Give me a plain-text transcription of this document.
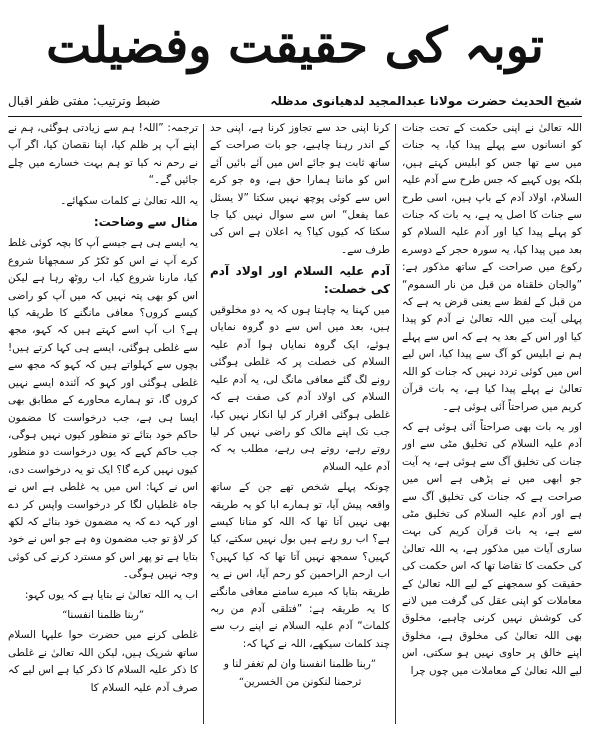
توبہ کی حقیقت وفضیلت
شیخ الحدیث حضرت مولانا عبدالمجید لدھیانوی مدظلہ
ضبط وترتیب: مفتی ظفر اقبال

اللہ تعالیٰ نے اپنی حکمت کے تحت جنات کو انسانوں سے پہلے پیدا کیا، یہ جنات میں سے تھا جس کو ابلیس کہتے ہیں، بلکہ یوں کہیے کہ جس طرح سے آدم علیہ السلام، اولاد آدم کے باپ ہیں، اسی طرح سے جنات کا اصل یہ ہے، یہ بات کہ جنات کو پہلے پیدا کیا اور آدم علیہ السلام کو بعد میں پیدا کیا، یہ سورہ حجر کے دوسرے رکوع میں صراحت کے ساتھ مذکور ہے: ”والجان خلقناہ من قبل من نار السموم“ من قبل کے لفظ سے یعنی قرض یہ ہے کہ پہلی آیت میں اللہ تعالیٰ نے آدم کو پیدا کیا اور اس کے بعد یہ ہے کہ اس سے پہلے ہم نے ابلیس کو آگ سے پیدا کیا، اس لیے اس میں کوئی تردد نہیں کہ جنات کو اللہ تعالیٰ نے پہلے پیدا کیا ہے، یہ بات قرآن کریم میں صراحتاً آئی ہوئی ہے۔

اور یہ بات بھی صراحتاً آئی ہوئی ہے کہ آدم علیہ السلام کی تخلیق مٹی سے اور جنات کی تخلیق آگ سے ہوئی ہے، یہ آیت جو ابھی میں نے پڑھی ہے اس میں صراحت ہے کہ جنات کی تخلیق آگ سے ہے اور آدم علیہ السلام کی تخلیق مٹی سے ہے، یہ بات قرآن کریم کی بہت ساری آیات میں مذکور ہے، یہ اللہ تعالیٰ کی حکمت کا تقاضا تھا کہ اس حکمت کی حقیقت کو سمجھنے کے لیے اللہ تعالیٰ کے معاملات کو اپنی عقل کی گرفت میں لانے کی کوشش نہیں کرنی چاہیے، مخلوق بھی اللہ تعالیٰ کی مخلوق ہے، مخلوق اپنے خالق پر حاوی نہیں ہو سکتی، اس لیے اللہ تعالیٰ کے معاملات میں چوں چرا

کرنا اپنی حد سے تجاوز کرنا ہے، اپنی حد کے اندر رہنا چاہیے، جو بات صراحت کے ساتھ ثابت ہو جائے اس میں آئے بائیں آئے اس کو ماننا ہمارا حق ہے، وہ جو کرے اس سے کوئی پوچھ نہیں سکتا ”لا یسئل عما یفعل“ اس سے سوال نہیں کیا جا سکتا کہ کیوں کیا؟ یہ اعلان ہے اس کی طرف سے۔

آدم علیہ السلام اور اولاد آدم کی خصلت:

میں کہنا یہ چاہتا ہوں کہ یہ دو مخلوقیں ہیں، بعد میں اس سے دو گروہ نمایاں ہوئے، ایک گروہ نمایاں ہوا آدم علیہ السلام کی خصلت پر کہ غلطی ہوگئی رونے لگ گئے معافی مانگ لی، یہ آدم علیہ السلام کی اولاد آدم کی صفت ہے کہ غلطی ہوگئی اقرار کر لیا انکار نہیں کیا، جب تک اپنے مالک کو راضی نہیں کر لیا روتے رہے، روتے ہی رہے، مطلب یہ کہ آدم علیہ السلام

چونکہ پہلے شخص تھے جن کے ساتھ واقعہ پیش آیا، تو ہمارے ابا کو یہ طریقہ بھی نہیں آتا تھا کہ اللہ کو منانا کیسے ہے؟ اب رو رہے ہیں بول نہیں سکتے، کیا کہیں؟ سمجھ نہیں آتا تھا کہ کیا کہیں؟ اب ارحم الراحمین کو رحم آیا، اس نے یہ طریقہ بتایا کہ میرے سامنے معافی مانگنے کا یہ طریقہ ہے: ”فتلقی آدم من ربہ کلمات“ آدم علیہ السلام نے اپنے رب سے چند کلمات سیکھے، اللہ نے کہا کہ:

”ربنا ظلمنا انفسنا وان لم تغفر لنا و ترحمنا لنکونن من الخسرین“

ترجمہ: ”اللہ! ہم سے زیادتی ہوگئی، ہم نے اپنے آپ پر ظلم کیا، اپنا نقصان کیا، اگر آپ نے رحم نہ کیا تو ہم بہت خسارے میں چلے جائیں گے۔“

یہ اللہ تعالیٰ نے کلمات سکھائے۔

مثال سے وضاحت:

یہ ایسے ہی ہے جیسے آپ کا بچہ کوئی غلط کرے آپ نے اس کو ٹکڑ کر سمجھانا شروع کیا، مارنا شروع کیا، اب روٹھ رہا ہے لیکن اس کو بھی پتہ نہیں کہ میں آپ کو راضی کیسے کروں؟ معافی مانگنے کا طریقہ کیا ہے؟ اب آپ اسے کہتے ہیں کہ کہو، مجھ سے غلطی ہوگئی، ایسے ہی کہا کرتے ہیں! بچوں سے کہلواتے ہیں کہ کہو کہ مجھ سے غلطی ہوگئی اور کہو کہ آئندہ ایسے نہیں کروں گا، تو ہمارے محاورے کے مطابق بھی ایسا ہی ہے، جب درخواست کا مضمون حاکم خود بتائے تو منظور کیوں نہیں ہوگی، جب حاکم کہے کہ یوں درخواست دو منظور کیوں نہیں کرے گا؟ ایک تو یہ درخواست دی، اس نے کہا: اس میں یہ غلطی ہے اس نے جاہ غلطیاں لگا کر درخواست واپس کر دے اور کہہ دے کہ یہ مضمون خود بنائے کہ لکھ کر لاؤ تو جب مضمون وہ ہے جو اس نے خود بتایا ہے تو پھر اس کو مسترد کرنے کی کوئی وجہ نہیں ہوگی۔

اب یہ اللہ تعالیٰ نے بتایا ہے کہ یوں کہو:

”ربنا ظلمنا انفسنا“

غلطی کرنے میں حضرت حوا علیہا السلام ساتھ شریک ہیں، لیکن اللہ تعالیٰ نے غلطی کا ذکر علیہ السلام کا ذکر کیا ہے اس لیے کہ صرف آدم علیہ السلام کا
